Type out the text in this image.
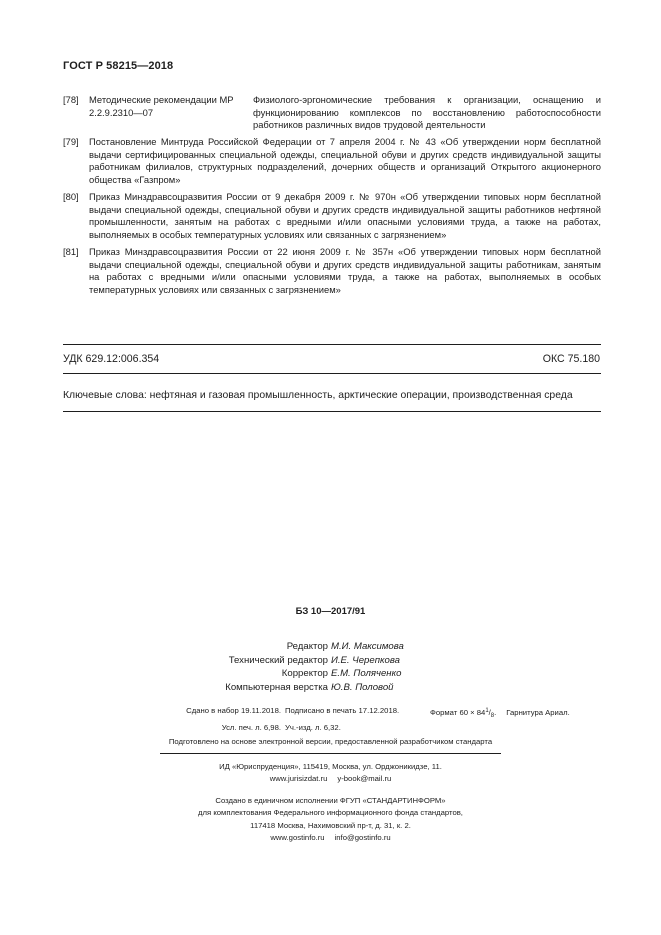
ГОСТ Р 58215—2018
[78] Методические рекомендации МР 2.2.9.2310—07
Физиолого-эргономические требования к организации, оснащению и функционированию комплексов по восстановлению работоспособности работников различных видов трудовой деятельности
[79] Постановление Минтруда Российской Федерации от 7 апреля 2004 г. № 43 «Об утверждении норм бесплатной выдачи сертифицированных специальной одежды, специальной обуви и других средств индивидуальной защиты работникам филиалов, структурных подразделений, дочерних обществ и организаций Открытого акционерного общества «Газпром»
[80] Приказ Минздравсоцразвития России от 9 декабря 2009 г. № 970н «Об утверждении типовых норм бесплатной выдачи специальной одежды, специальной обуви и других средств индивидуальной защиты работников нефтяной промышленности, занятым на работах с вредными и/или опасными условиями труда, а также на работах, выполняемых в особых температурных условиях или связанных с загрязнением»
[81] Приказ Минздравсоцразвития России от 22 июня 2009 г. № 357н «Об утверждении типовых норм бесплатной выдачи специальной одежды, специальной обуви и других средств индивидуальной защиты работникам, занятым на работах с вредными и/или опасными условиями труда, а также на работах, выполняемых в особых температурных условиях или связанных с загрязнением»
УДК 629.12:006.354	ОКС 75.180
Ключевые слова: нефтяная и газовая промышленность, арктические операции, производственная среда
БЗ 10—2017/91
Редактор М.И. Максимова
Технический редактор И.Е. Черепкова
Корректор Е.М. Поляченко
Компьютерная верстка Ю.В. Половой
Сдано в набор 19.11.2018. Подписано в печать 17.12.2018.	Формат $60 \times 84^1/_8$. Гарнитура Ариал.
Усл. печ. л. 6,98. Уч.-изд. л. 6,32.
Подготовлено на основе электронной версии, предоставленной разработчиком стандарта
ИД «Юриспруденция», 115419, Москва, ул. Орджоникидзе, 11.
www.jurisizdat.ru y-book@mail.ru
Создано в единичном исполнении ФГУП «СТАНДАРТИНФОРМ»
для комплектования Федерального информационного фонда стандартов,
117418 Москва, Нахимовский пр-т, д. 31, к. 2.
www.gostinfo.ru info@gostinfo.ru
